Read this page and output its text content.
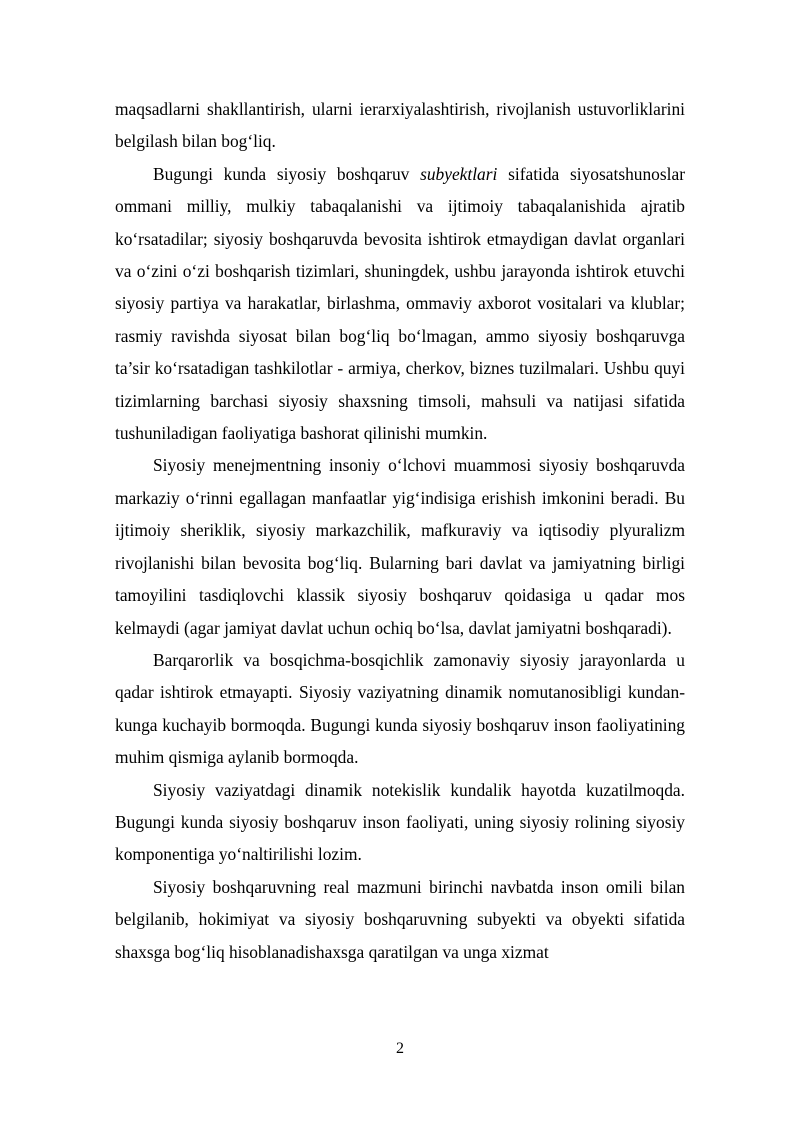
maqsadlarni shakllantirish, ularni ierarxiyalashtirish, rivojlanish ustuvorliklarini belgilash bilan bog‘liq.

Bugungi kunda siyosiy boshqaruv subyektlari sifatida siyosatshunoslar ommani milliy, mulkiy tabaqalanishi va ijtimoiy tabaqalanishida ajratib ko‘rsatadilar; siyosiy boshqaruvda bevosita ishtirok etmaydigan davlat organlari va o‘zini o‘zi boshqarish tizimlari, shuningdek, ushbu jarayonda ishtirok etuvchi siyosiy partiya va harakatlar, birlashma, ommaviy axborot vositalari va klublar; rasmiy ravishda siyosat bilan bog‘liq bo‘lmagan, ammo siyosiy boshqaruvga ta’sir ko‘rsatadigan tashkilotlar - armiya, cherkov, biznes tuzilmalari. Ushbu quyi tizimlarning barchasi siyosiy shaxsning timsoli, mahsuli va natijasi sifatida tushuniladigan faoliyatiga bashorat qilinishi mumkin.

Siyosiy menejmentning insoniy o‘lchovi muammosi siyosiy boshqaruvda markaziy o‘rinni egallagan manfaatlar yig‘indisiga erishish imkonini beradi. Bu ijtimoiy sheriklik, siyosiy markazchilik, mafkuraviy va iqtisodiy plyuralizm rivojlanishi bilan bevosita bog‘liq. Bularning bari davlat va jamiyatning birligi tamoyilini tasdiqlovchi klassik siyosiy boshqaruv qoidasiga u qadar mos kelmaydi (agar jamiyat davlat uchun ochiq bo‘lsa, davlat jamiyatni boshqaradi).

Barqarorlik va bosqichma-bosqichlik zamonaviy siyosiy jarayonlarda u qadar ishtirok etmayapti. Siyosiy vaziyatning dinamik nomutanosibligi kundan-kunga kuchayib bormoqda. Bugungi kunda siyosiy boshqaruv inson faoliyatining muhim qismiga aylanib bormoqda.

Siyosiy vaziyatdagi dinamik notekislik kundalik hayotda kuzatilmoqda. Bugungi kunda siyosiy boshqaruv inson faoliyati, uning siyosiy rolining siyosiy komponentiga yo‘naltirilishi lozim.

Siyosiy boshqaruvning real mazmuni birinchi navbatda inson omili bilan belgilanib, hokimiyat va siyosiy boshqaruvning subyekti va obyekti sifatida shaxsga bog‘liq hisoblanadishaxsga qaratilgan va unga xizmat

2
